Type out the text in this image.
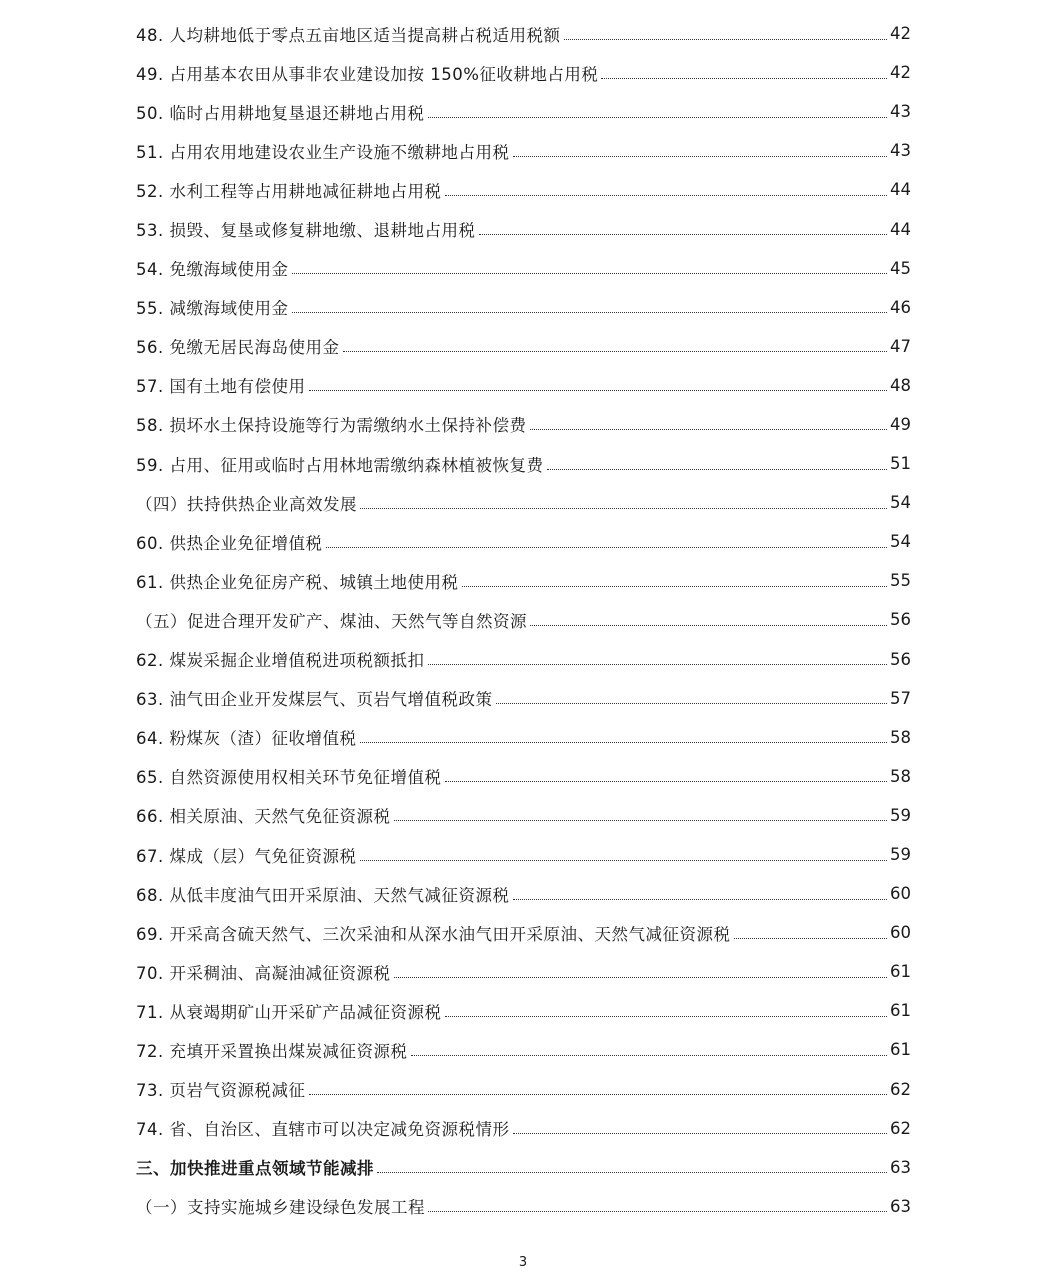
48. 人均耕地低于零点五亩地区适当提高耕占税适用税额	42
49. 占用基本农田从事非农业建设加按 150%征收耕地占用税	42
50. 临时占用耕地复垦退还耕地占用税	43
51. 占用农用地建设农业生产设施不缴耕地占用税	43
52. 水利工程等占用耕地减征耕地占用税	44
53. 损毁、复垦或修复耕地缴、退耕地占用税	44
54. 免缴海域使用金	45
55. 减缴海域使用金	46
56. 免缴无居民海岛使用金	47
57. 国有土地有偿使用	48
58. 损坏水土保持设施等行为需缴纳水土保持补偿费	49
59. 占用、征用或临时占用林地需缴纳森林植被恢复费	51
（四）扶持供热企业高效发展	54
60. 供热企业免征增值税	54
61. 供热企业免征房产税、城镇土地使用税	55
（五）促进合理开发矿产、煤油、天然气等自然资源	56
62. 煤炭采掘企业增值税进项税额抵扣	56
63. 油气田企业开发煤层气、页岩气增值税政策	57
64. 粉煤灰（渣）征收增值税	58
65. 自然资源使用权相关环节免征增值税	58
66. 相关原油、天然气免征资源税	59
67. 煤成（层）气免征资源税	59
68. 从低丰度油气田开采原油、天然气减征资源税	60
69. 开采高含硫天然气、三次采油和从深水油气田开采原油、天然气减征资源税	60
70. 开采稠油、高凝油减征资源税	61
71. 从衰竭期矿山开采矿产品减征资源税	61
72. 充填开采置换出煤炭减征资源税	61
73. 页岩气资源税减征	62
74. 省、自治区、直辖市可以决定减免资源税情形	62
三、加快推进重点领域节能减排	63
（一）支持实施城乡建设绿色发展工程	63
3
